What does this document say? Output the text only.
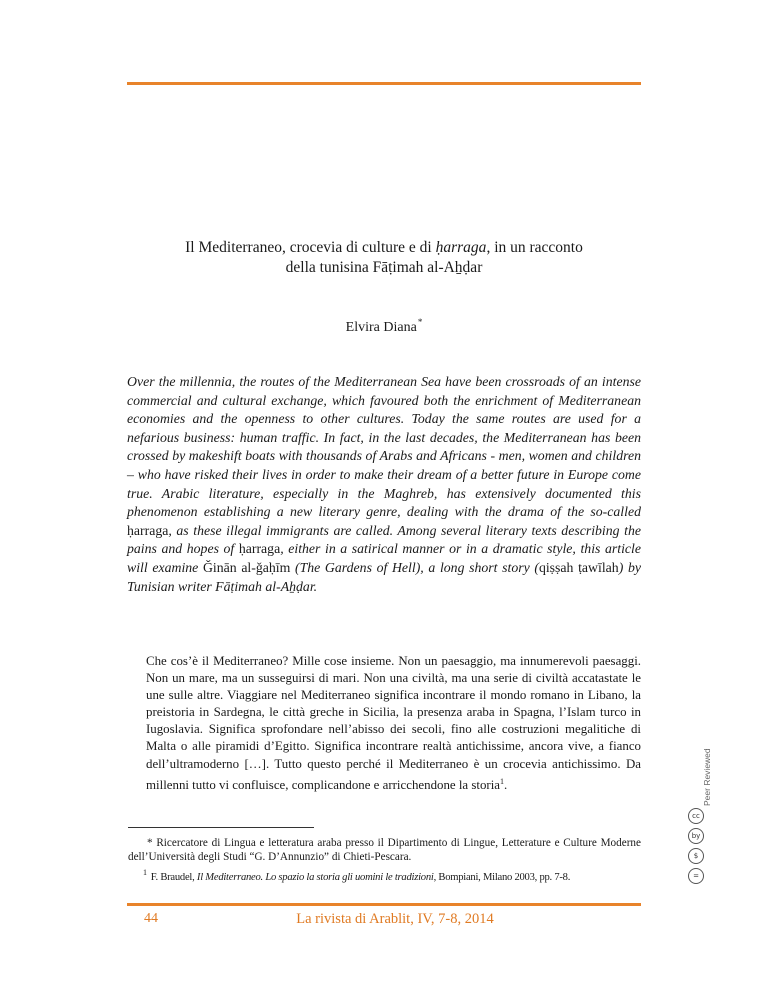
Il Mediterraneo, crocevia di culture e di ḥarraga, in un racconto
della tunisina Fāṭimah al-Aẖḍar
Elvira Diana*
Over the millennia, the routes of the Mediterranean Sea have been crossroads of an intense commercial and cultural exchange, which favoured both the enrichment of Mediterranean economies and the openness to other cultures. Today the same routes are used for a nefarious business: human traffic. In fact, in the last decades, the Mediterranean has been crossed by makeshift boats with thousands of Arabs and Africans - men, women and children – who have risked their lives in order to make their dream of a better future in Europe come true. Arabic literature, especially in the Maghreb, has extensively documented this phenomenon establishing a new literary genre, dealing with the drama of the so-called ḥarraga, as these illegal immigrants are called. Among several literary texts describing the pains and hopes of ḥarraga, either in a satirical manner or in a dramatic style, this article will examine Ǧinān al-ǧaḥīm (The Gardens of Hell), a long short story (qiṣṣah ṭawīlah) by Tunisian writer Fāṭimah al-Aẖḍar.
Che cos’è il Mediterraneo? Mille cose insieme. Non un paesaggio, ma innumerevoli paesaggi. Non un mare, ma un susseguirsi di mari. Non una civiltà, ma una serie di civiltà accatastate le une sulle altre. Viaggiare nel Mediterraneo significa incontrare il mondo romano in Libano, la preistoria in Sardegna, le città greche in Sicilia, la presenza araba in Spagna, l’Islam turco in Iugoslavia. Significa sprofondare nell’abisso dei secoli, fino alle costruzioni megalitiche di Malta o alle piramidi d’Egitto. Significa incontrare realtà antichissime, ancora vive, a fianco dell’ultramoderno […]. Tutto questo perché il Mediterraneo è un crocevia antichissimo. Da millenni tutto vi confluisce, complicandone e arricchendone la storia$^1$.
* Ricercatore di Lingua e letteratura araba presso il Dipartimento di Lingue, Letterature e Culture Moderne dell’Università degli Studi “G. D’Annunzio” di Chieti-Pescara.
$^1$ F. Braudel, Il Mediterraneo. Lo spazio la storia gli uomini le tradizioni, Bompiani, Milano 2003, pp. 7-8.
44	La rivista di Arablit, IV, 7-8, 2014
Peer Reviewed
cc
by
$
=
